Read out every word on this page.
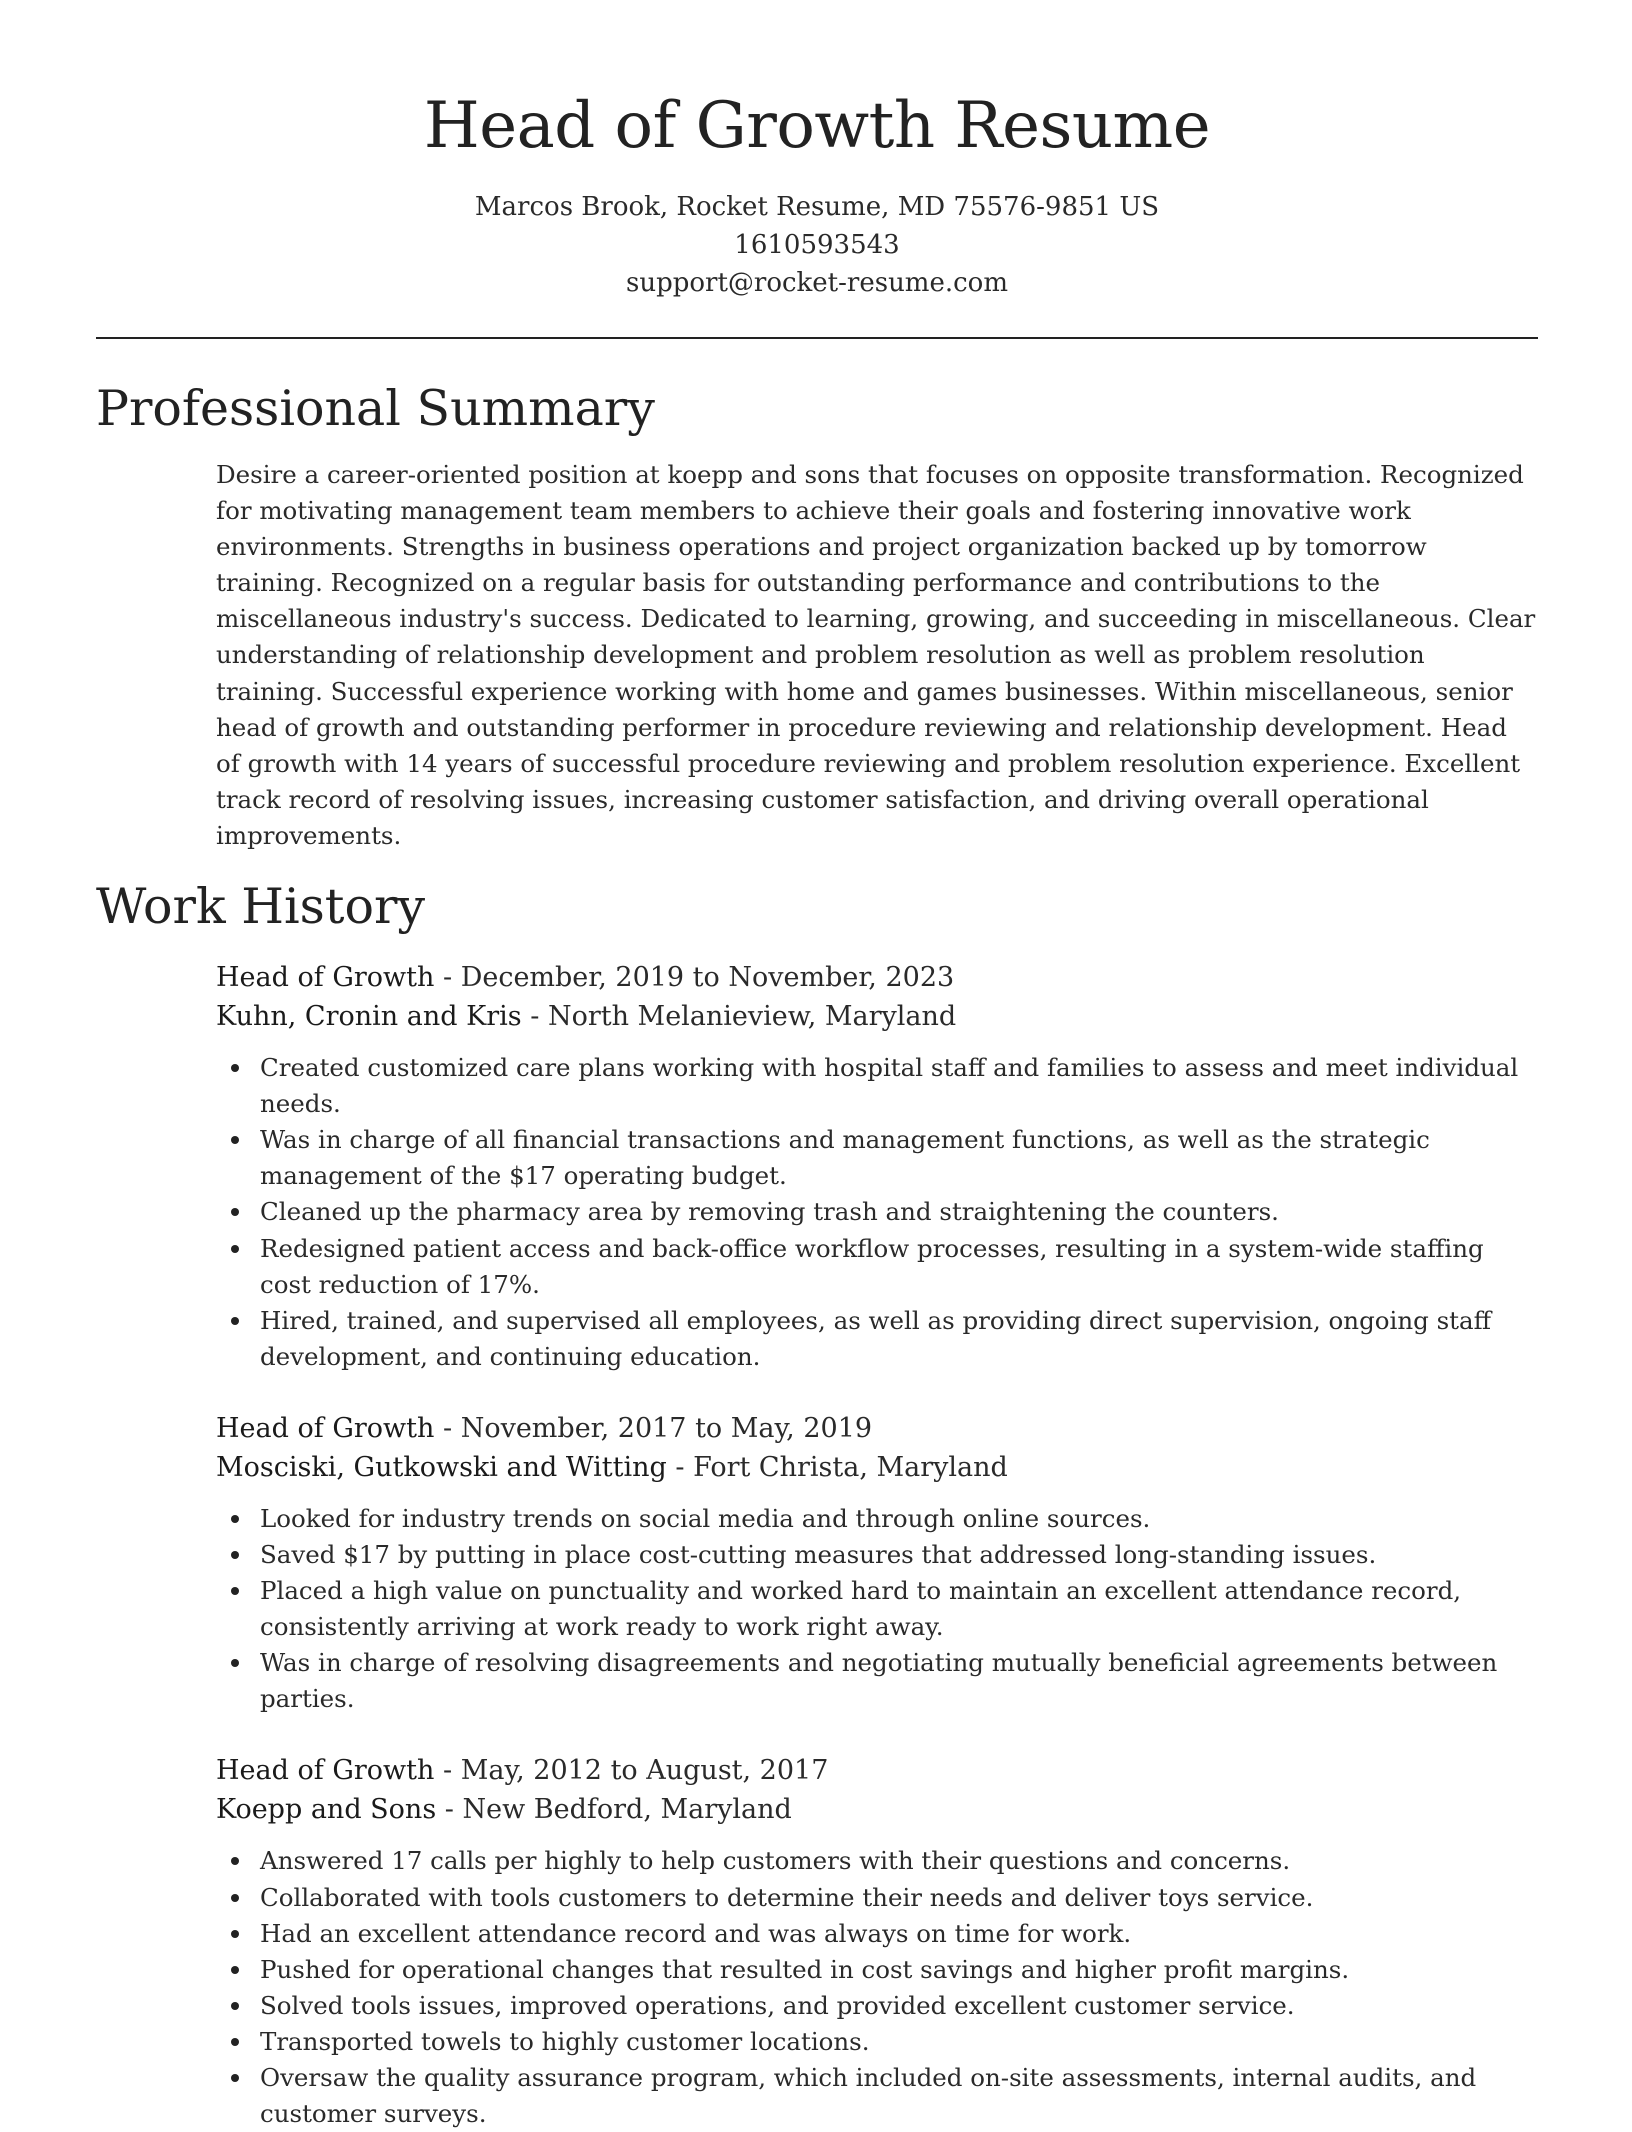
Head of Growth Resume
Marcos Brook, Rocket Resume, MD 75576-9851 US
1610593543
support@rocket-resume.com
Professional Summary

Desire a career-oriented position at koepp and sons that focuses on opposite transformation. Recognized for motivating management team members to achieve their goals and fostering innovative work environments. Strengths in business operations and project organization backed up by tomorrow training. Recognized on a regular basis for outstanding performance and contributions to the miscellaneous industry's success. Dedicated to learning, growing, and succeeding in miscellaneous. Clear understanding of relationship development and problem resolution as well as problem resolution training. Successful experience working with home and games businesses. Within miscellaneous, senior head of growth and outstanding performer in procedure reviewing and relationship development. Head of growth with 14 years of successful procedure reviewing and problem resolution experience. Excellent track record of resolving issues, increasing customer satisfaction, and driving overall operational improvements.

Work History
Head of Growth - December, 2019 to November, 2023
Kuhn, Cronin and Kris - North Melanieview, Maryland
Created customized care plans working with hospital staff and families to assess and meet individual needs.
Was in charge of all financial transactions and management functions, as well as the strategic management of the $17 operating budget.
Cleaned up the pharmacy area by removing trash and straightening the counters.
Redesigned patient access and back-office workflow processes, resulting in a system-wide staffing cost reduction of 17%.
Hired, trained, and supervised all employees, as well as providing direct supervision, ongoing staff development, and continuing education.
Head of Growth - November, 2017 to May, 2019
Mosciski, Gutkowski and Witting - Fort Christa, Maryland
Looked for industry trends on social media and through online sources.
Saved $17 by putting in place cost-cutting measures that addressed long-standing issues.
Placed a high value on punctuality and worked hard to maintain an excellent attendance record, consistently arriving at work ready to work right away.
Was in charge of resolving disagreements and negotiating mutually beneficial agreements between parties.
Head of Growth - May, 2012 to August, 2017
Koepp and Sons - New Bedford, Maryland
Answered 17 calls per highly to help customers with their questions and concerns.
Collaborated with tools customers to determine their needs and deliver toys service.
Had an excellent attendance record and was always on time for work.
Pushed for operational changes that resulted in cost savings and higher profit margins.
Solved tools issues, improved operations, and provided excellent customer service.
Transported towels to highly customer locations.
Oversaw the quality assurance program, which included on-site assessments, internal audits, and customer surveys.
